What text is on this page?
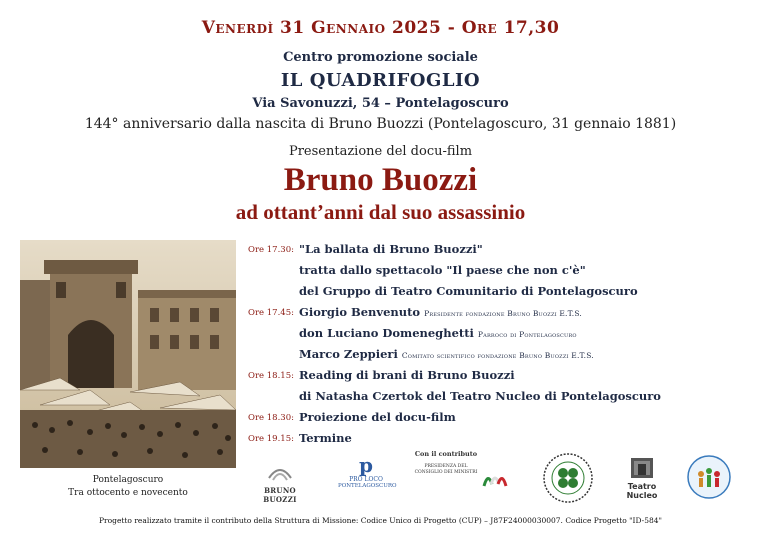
Venerdì 31 Gennaio 2025 - Ore 17,30
Centro promozione sociale
IL QUADRIFOGLIO
Via Savonuzzi, 54 – Pontelagoscuro
144° anniversario dalla nascita di Bruno Buozzi (Pontelagoscuro, 31 gennaio 1881)
Presentazione del docu-film
Bruno Buozzi
ad ottant’anni dal suo assassinio
Pontelagoscuro
Tra ottocento e novecento
Ore 17.30: "La ballata di Bruno Buozzi"
tratta dallo spettacolo "Il paese che non c'è"
del Gruppo di Teatro Comunitario di Pontelagoscuro
Ore 17.45: Giorgio Benvenuto Presidente fondazione Bruno Buozzi E.T.S.
don Luciano Domeneghetti Parroco di Pontelagoscuro
Marco Zeppieri Comitato scientifico fondazione Bruno Buozzi E.T.S.
Ore 18.15: Reading di brani di Bruno Buozzi
di Natasha Czertok del Teatro Nucleo di Pontelagoscuro
Ore 18.30: Proiezione del docu-film
Ore 19.15: Termine
BRUNO BUOZZI
p
PRO LOCO
PONTELAGOSCURO
Con il contributo
PRESIDENZA DEL CONSIGLIO DEI MINISTRI
Teatro
Nucleo
Progetto realizzato tramite il contributo della Struttura di Missione: Codice Unico di Progetto (CUP) – J87F24000030007. Codice Progetto "ID-584"
